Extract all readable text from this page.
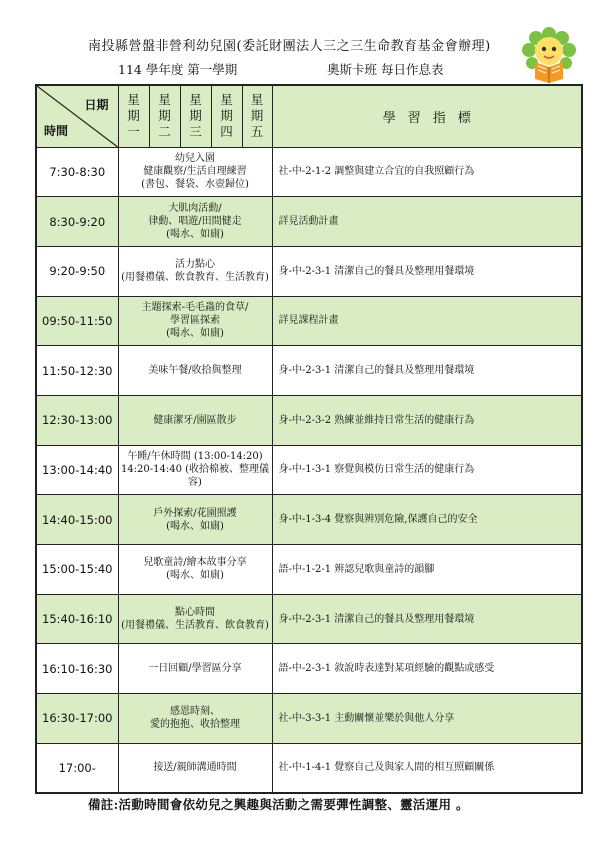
南投縣營盤非營利幼兒園(委託財團法人三之三生命教育基金會辦理)
114 學年度 第一學期	奧斯卡班 每日作息表
日期
時間	星
期
一	星
期
二	星
期
三	星
期
四	星
期
五	學習指標
7:30-8:30	幼兒入園
健康觀察/生活自理練習
(書包、餐袋、水壺歸位)					社-中-2-1-2 調整與建立合宜的自我照顧行為
8:30-9:20	大肌肉活動/
律動、唱遊/田間健走
(喝水、如廁)					詳見活動計畫
9:20-9:50	活力點心
(用餐禮儀、飲食教育、生活教育)					身-中-2-3-1 清潔自己的餐具及整理用餐環境
09:50-11:50	主題探索-毛毛蟲的食草/
學習區探索
(喝水、如廁)					詳見課程計畫
11:50-12:30	美味午餐/收拾與整理					身-中-2-3-1 清潔自己的餐具及整理用餐環境
12:30-13:00	健康潔牙/園區散步					身-中-2-3-2 熟練並維持日常生活的健康行為
13:00-14:40	午睡/午休時間 (13:00-14:20)
14:20-14:40 (收拾棉被、整理儀容)					身-中-1-3-1 察覺與模仿日常生活的健康行為
14:40-15:00	戶外探索/花園照護
(喝水、如廁)					身-中-1-3-4 覺察與辨別危險,保護自己的安全
15:00-15:40	兒歌童詩/繪本故事分享
(喝水、如廁)					語-中-1-2-1 辨認兒歌與童詩的韻腳
15:40-16:10	點心時間
(用餐禮儀、生活教育、飲食教育)					身-中-2-3-1 清潔自己的餐具及整理用餐環境
16:10-16:30	一日回顧/學習區分享					語-中-2-3-1 敘說時表達對某項經驗的觀點或感受
16:30-17:00	感恩時刻、
愛的抱抱、收拾整理					社-中-3-3-1 主動關懷並樂於與他人分享
17:00-	接送/親師溝通時間					社-中-1-4-1 覺察自己及與家人間的相互照顧關係
備註:活動時間會依幼兒之興趣與活動之需要彈性調整、靈活運用 。
